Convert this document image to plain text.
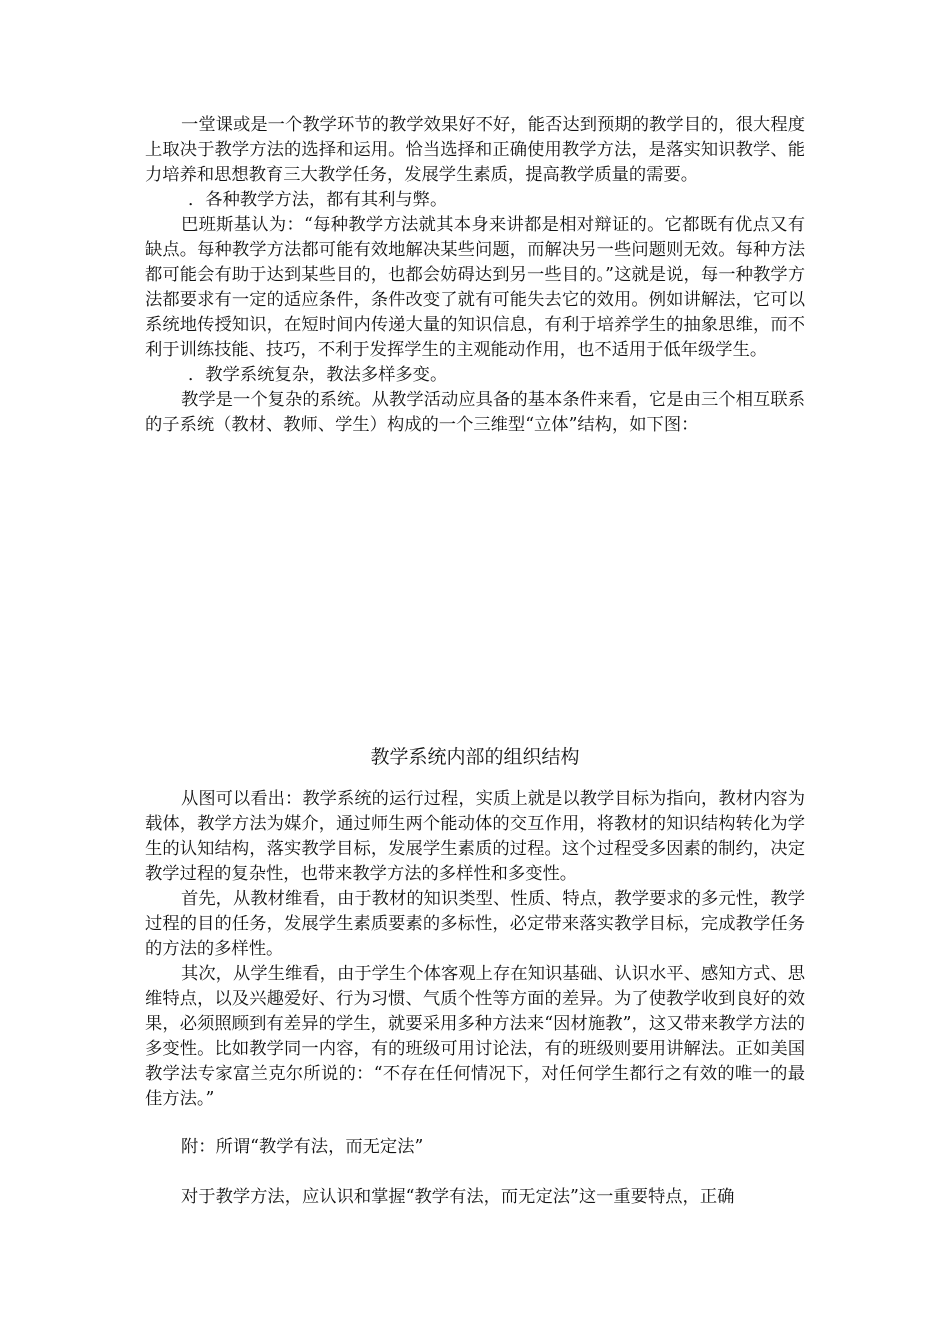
一堂课或是一个教学环节的教学效果好不好，能否达到预期的教学目的，很大程度上取决于教学方法的选择和运用。恰当选择和正确使用教学方法，是落实知识教学、能力培养和思想教育三大教学任务，发展学生素质，提高教学质量的需要。

．各种教学方法，都有其利与弊。

巴班斯基认为：“每种教学方法就其本身来讲都是相对辩证的。它都既有优点又有缺点。每种教学方法都可能有效地解决某些问题，而解决另一些问题则无效。每种方法都可能会有助于达到某些目的，也都会妨碍达到另一些目的。”这就是说，每一种教学方法都要求有一定的适应条件，条件改变了就有可能失去它的效用。例如讲解法，它可以系统地传授知识，在短时间内传递大量的知识信息，有利于培养学生的抽象思维，而不利于训练技能、技巧，不利于发挥学生的主观能动作用，也不适用于低年级学生。

．教学系统复杂，教法多样多变。

教学是一个复杂的系统。从教学活动应具备的基本条件来看，它是由三个相互联系的子系统（教材、教师、学生）构成的一个三维型“立体”结构，如下图：

教学系统内部的组织结构

从图可以看出：教学系统的运行过程，实质上就是以教学目标为指向，教材内容为载体，教学方法为媒介，通过师生两个能动体的交互作用，将教材的知识结构转化为学生的认知结构，落实教学目标，发展学生素质的过程。这个过程受多因素的制约，决定教学过程的复杂性，也带来教学方法的多样性和多变性。

首先，从教材维看，由于教材的知识类型、性质、特点，教学要求的多元性，教学过程的目的任务，发展学生素质要素的多标性，必定带来落实教学目标，完成教学任务的方法的多样性。

其次，从学生维看，由于学生个体客观上存在知识基础、认识水平、感知方式、思维特点，以及兴趣爱好、行为习惯、气质个性等方面的差异。为了使教学收到良好的效果，必须照顾到有差异的学生，就要采用多种方法来“因材施教”，这又带来教学方法的多变性。比如教学同一内容，有的班级可用讨论法，有的班级则要用讲解法。正如美国教学法专家富兰克尔所说的：“不存在任何情况下，对任何学生都行之有效的唯一的最佳方法。”

附：所谓“教学有法，而无定法”

对于教学方法，应认识和掌握“教学有法，而无定法”这一重要特点，正确
